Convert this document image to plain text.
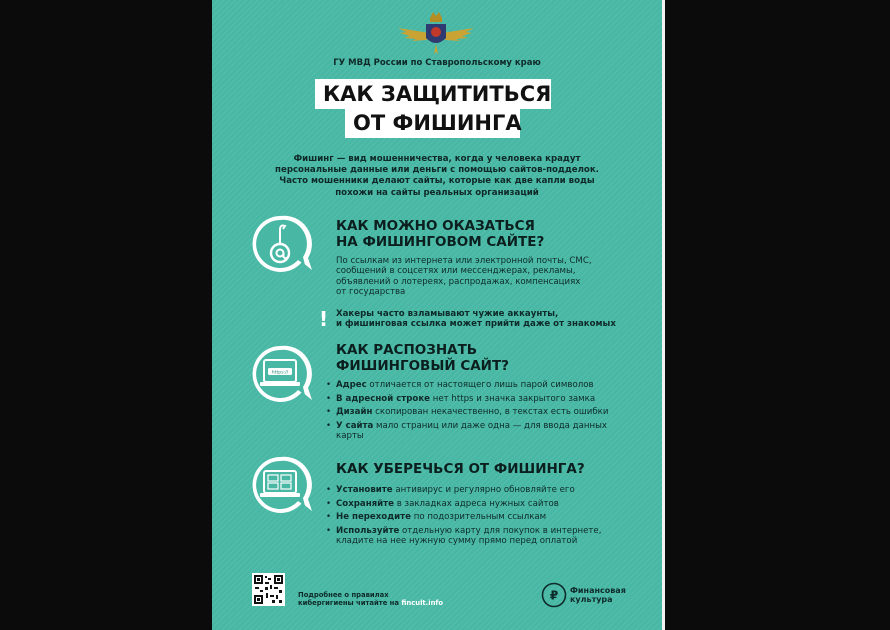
ГУ МВД России по Ставропольскому краю
КАК ЗАЩИТИТЬСЯ
ОТ ФИШИНГА
Фишинг — вид мошенничества, когда у человека крадут
персональные данные или деньги с помощью сайтов-подделок.
Часто мошенники делают сайты, которые как две капли воды
похожи на сайты реальных организаций
КАК МОЖНО ОКАЗАТЬСЯ
НА ФИШИНГОВОМ САЙТЕ?
По ссылкам из интернета или электронной почты, СМС,
сообщений в соцсетях или мессенджерах, рекламы,
объявлений о лотереях, распродажах, компенсациях
от государства
! Хакеры часто взламывают чужие аккаунты,
и фишинговая ссылка может прийти даже от знакомых
https://
КАК РАСПОЗНАТЬ
ФИШИНГОВЫЙ САЙТ?
• Адрес отличается от настоящего лишь парой символов
• В адресной строке нет https и значка закрытого замка
• Дизайн скопирован некачественно, в текстах есть ошибки
• У сайта мало страниц или даже одна — для ввода данных
карты
КАК УБЕРЕЧЬСЯ ОТ ФИШИНГА?
• Установите антивирус и регулярно обновляйте его
• Сохраняйте в закладках адреса нужных сайтов
• Не переходите по подозрительным ссылкам
• Используйте отдельную карту для покупок в интернете,
кладите на нее нужную сумму прямо перед оплатой
Подробнее о правилах
кибергигиены читайте на fincult.info
₽ Финансовая
культура
